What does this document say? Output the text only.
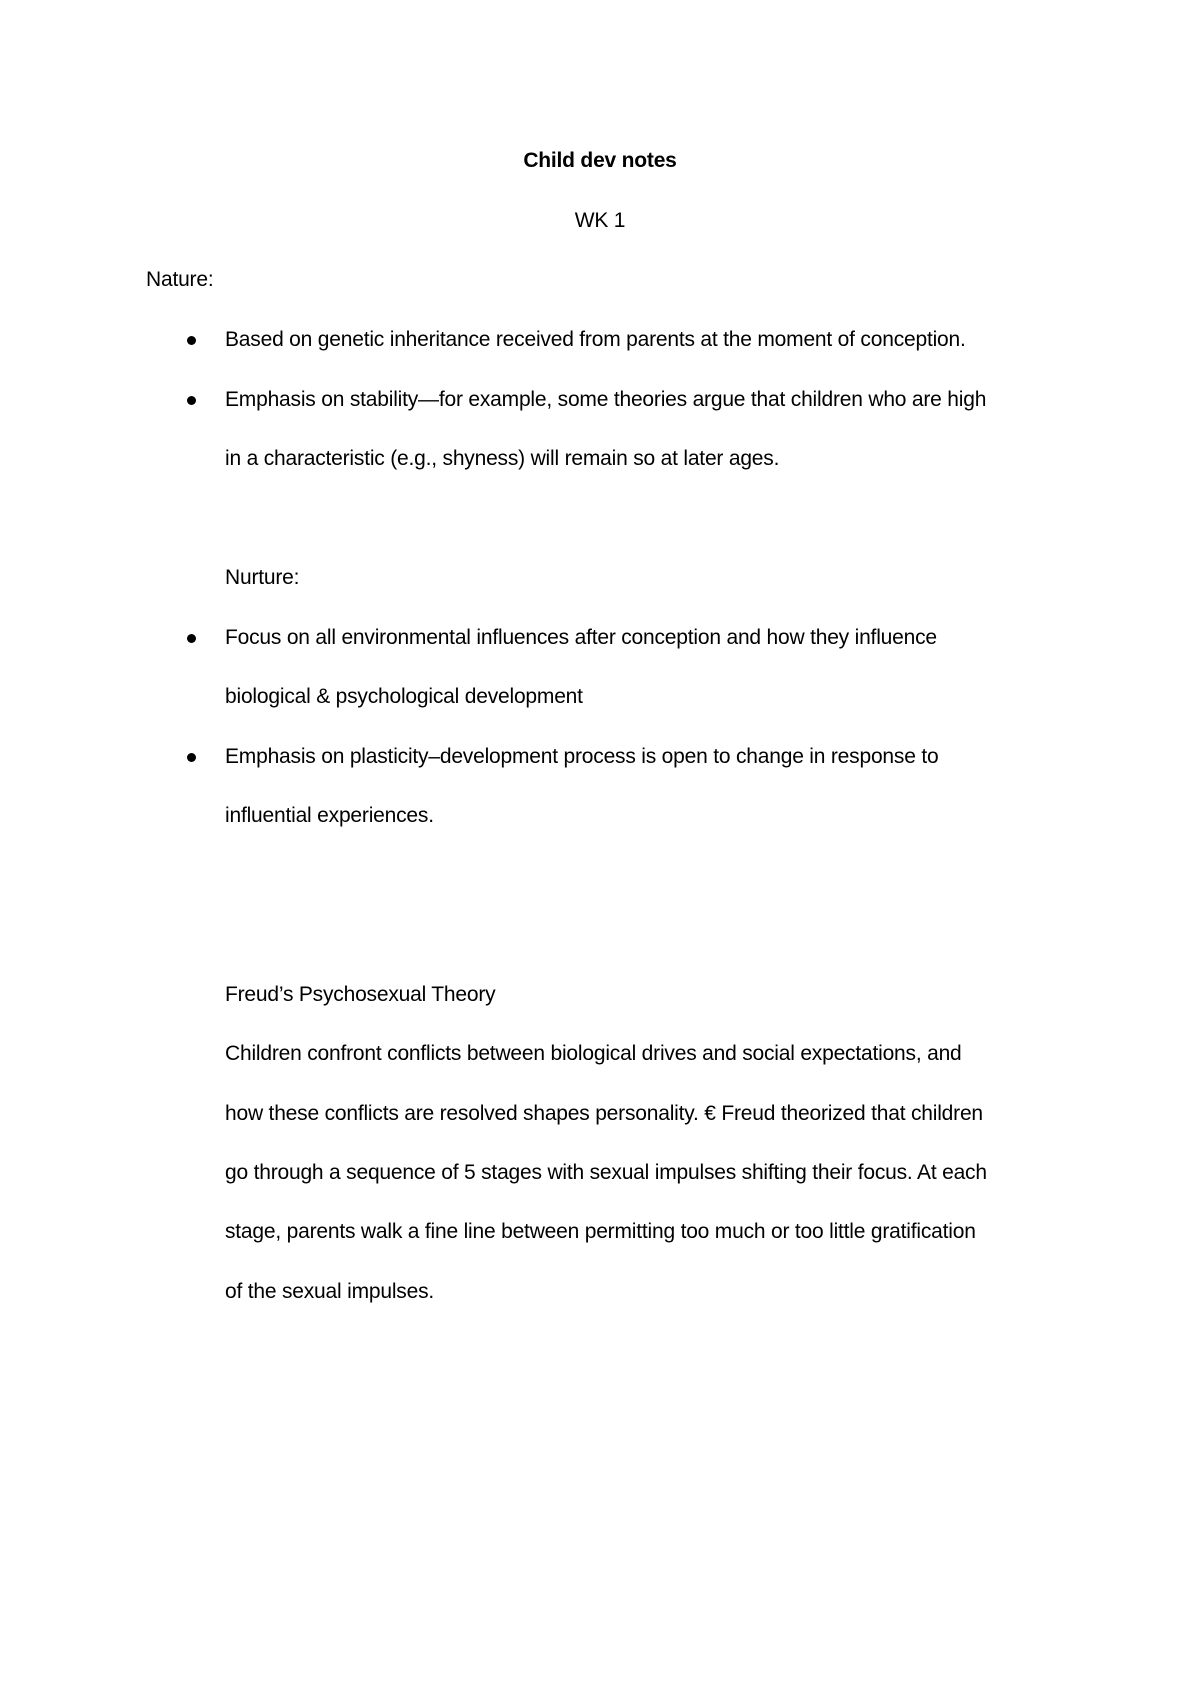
Child dev notes
WK 1
Nature:
Based on genetic inheritance received from parents at the moment of conception.
Emphasis on stability—for example, some theories argue that children who are high
in a characteristic (e.g., shyness) will remain so at later ages.
Nurture:
Focus on all environmental influences after conception and how they influence
biological & psychological development
Emphasis on plasticity–development process is open to change in response to
influential experiences.
Freud’s Psychosexual Theory
Children confront conflicts between biological drives and social expectations, and
how these conflicts are resolved shapes personality. € Freud theorized that children
go through a sequence of 5 stages with sexual impulses shifting their focus. At each
stage, parents walk a fine line between permitting too much or too little gratification
of the sexual impulses.
